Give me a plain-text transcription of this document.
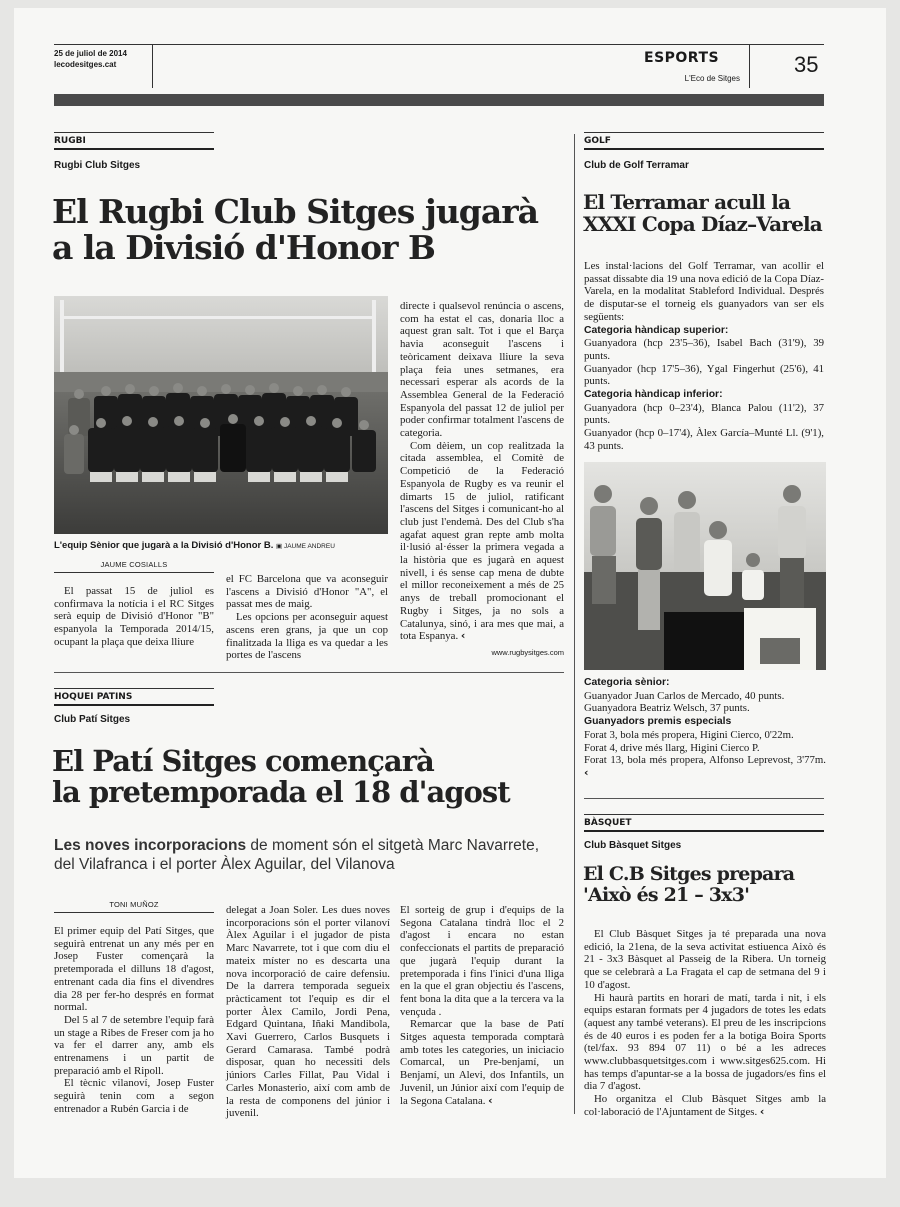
25 de juliol de 2014
lecodesitges.cat	ESPORTS
L'Eco de Sitges
35
RUGBI
Rugbi Club Sitges
El Rugbi Club Sitges jugarà
a la Divisió d'Honor B
L'equip Sènior que jugarà a la Divisió d'Honor B. ▣ JAUME ANDREU
JAUME COSIALLS

El passat 15 de juliol es confirmava la notícia i el RC Sitges serà equip de Divisió d'Honor "B" espanyola la Temporada 2014/15, ocupant la plaça que deixa lliure

el FC Barcelona que va aconseguir l'ascens a Divisió d'Honor "A", el passat mes de maig.

Les opcions per aconseguir aquest ascens eren grans, ja que un cop finalitzada la lliga es va quedar a les portes de l'ascens

directe i qualsevol renúncia o ascens, com ha estat el cas, donaria lloc a aquest gran salt. Tot i que el Barça havia aconseguit l'ascens i teòricament deixava lliure la seva plaça feia unes setmanes, era necessari esperar als acords de la Assemblea General de la Federació Espanyola del passat 12 de juliol per poder confirmar totalment l'ascens de categoria.

Com dèiem, un cop realitzada la citada assemblea, el Comitè de Competició de la Federació Espanyola de Rugby es va reunir el dimarts 15 de juliol, ratificant l'ascens del Sitges i comunicant-ho al club just l'endemà. Des del Club s'ha agafat aquest gran repte amb molta il·lusió al·ésser la primera vegada a la història que es jugarà en aquest nivell, i és sense cap mena de dubte el millor reconeixement a més de 25 anys de treball promocionant el Rugby i Sitges, ja no sols a Catalunya, sinó, i ara mes que mai, a tota Espanya. ‹

www.rugbysitges.com
HOQUEI PATINS
Club Patí Sitges
El Patí Sitges començarà
la pretemporada el 18 d'agost
Les noves incorporacions de moment són el sitgetà Marc Navarrete, del Vilafranca i el porter Àlex Aguilar, del Vilanova
TONI MUÑOZ

El primer equip del Patí Sitges, que seguirà entrenat un any més per en Josep Fuster començarà la pretemporada el dilluns 18 d'agost, entrenant cada dia fins el divendres dia 28 per fer-ho després en format normal.

Del 5 al 7 de setembre l'equip farà un stage a Ribes de Freser com ja ho va fer el darrer any, amb els entrenamens i un partit de preparació amb el Ripoll.

El tècnic vilanoví, Josep Fuster seguirà tenin com a segon entrenador a Rubén Garcia i de

delegat a Joan Soler. Les dues noves incorporacions són el porter vilanoví Àlex Aguilar i el jugador de pista Marc Navarrete, tot i que com diu el mateix míster no es descarta una nova incorporació de caire defensiu. De la darrera temporada segueix pràcticament tot l'equip es dir el porter Àlex Camilo, Jordi Pena, Edgard Quintana, Iñaki Mandibola, Xavi Guerrero, Carlos Busquets i Gerard Camarasa. També podrà disposar, quan ho necessiti dels júniors Carles Fillat, Pau Vidal i Carles Monasterio, així com amb de la resta de componens del júnior i juvenil.

El sorteig de grup i d'equips de la Segona Catalana tindrà lloc el 2 d'agost i encara no estan confeccionats el partits de preparació que jugarà l'equip durant la pretemporada i fins l'inici d'una lliga en la que el gran objectiu és l'ascens, fent bona la dita que a la tercera va la vençuda .

Remarcar que la base de Patí Sitges aquesta temporada comptarà amb totes les categories, un iniciacio Comarcal, un Pre-benjamí, un Benjamí, un Alevi, dos Infantils, un Juvenil, un Júnior així com l'equip de la Segona Catalana. ‹

GOLF
Club de Golf Terramar
El Terramar acull la
XXXI Copa Díaz–Varela
Les instal·lacions del Golf Terramar, van acollir el passat dissabte dia 19 una nova edició de la Copa Díaz- Varela, en la modalitat Stableford Individual. Després de disputar-se el torneig els guanyadors van ser els següents:
Categoria hàndicap superior:
Guanyadora (hcp 23'5–36), Isabel Bach (31'9), 39 punts.
Guanyador (hcp 17'5–36), Ygal Fingerhut (25'6), 41 punts.
Categoria hàndicap inferior:
Guanyadora (hcp 0–23'4), Blanca Palou (11'2), 37 punts.
Guanyador (hcp 0–17'4), Àlex García–Munté Ll. (9'1), 43 punts.
Categoria sènior:
Guanyador Juan Carlos de Mercado, 40 punts.
Guanyadora Beatriz Welsch, 37 punts.
Guanyadors premis especials
Forat 3, bola més propera, Higini Cierco, 0'22m.
Forat 4, drive més llarg, Higini Cierco P.
Forat 13, bola més propera, Alfonso Leprevost, 3'77m. ‹
BÀSQUET
Club Bàsquet Sitges
El C.B Sitges prepara
'Això és 21 – 3x3'

El Club Bàsquet Sitges ja té preparada una nova edició, la 21ena, de la seva activitat estiuenca Això és 21 - 3x3 Bàsquet al Passeig de la Ribera. Un torneig que se celebrarà a La Fragata el cap de setmana del 9 i 10 d'agost.

Hi haurà partits en horari de matí, tarda i nit, i els equips estaran formats per 4 jugadors de totes les edats (aquest any també veterans). El preu de les inscripcions és de 40 euros i es poden fer a la botiga Boira Sports (tel/fax. 93 894 07 11) o bé a les adreces www.clubbasquetsitges.com i www.sitges625.com. Hi has temps d'apuntar-se a la bossa de jugadors/es fins el dia 7 d'agost.

Ho organitza el Club Bàsquet Sitges amb la col·laboració de l'Ajuntament de Sitges. ‹
